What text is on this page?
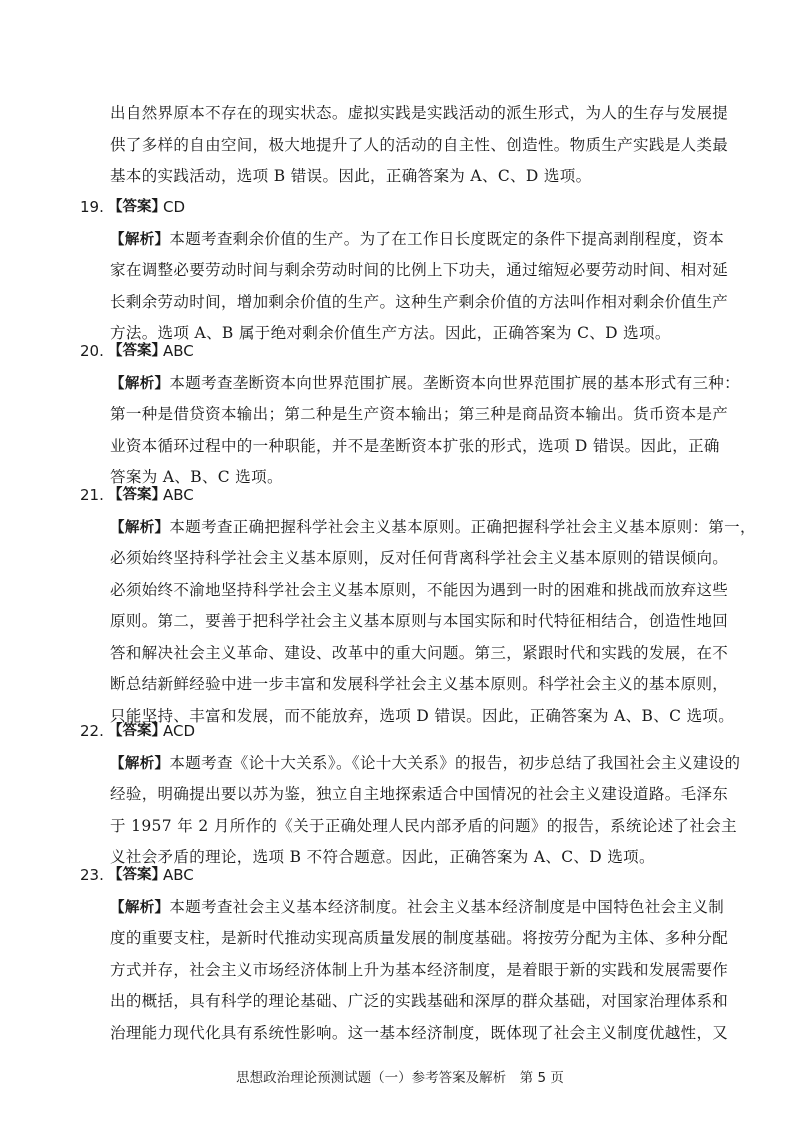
出自然界原本不存在的现实状态。虚拟实践是实践活动的派生形式，为人的生存与发展提
供了多样的自由空间，极大地提升了人的活动的自主性、创造性。物质生产实践是人类最
基本的实践活动，选项 B 错误。因此，正确答案为 A、C、D 选项。
19. 【答案】
CD
【解析】本题考查剩余价值的生产。为了在工作日长度既定的条件下提高剥削程度，资本
家在调整必要劳动时间与剩余劳动时间的比例上下功夫，通过缩短必要劳动时间、相对延
长剩余劳动时间，增加剩余价值的生产。这种生产剩余价值的方法叫作相对剩余价值生产
方法。选项 A、B 属于绝对剩余价值生产方法。因此，正确答案为 C、D 选项。
20. 【答案】
ABC
【解析】本题考查垄断资本向世界范围扩展。垄断资本向世界范围扩展的基本形式有三种：
第一种是借贷资本输出；第二种是生产资本输出；第三种是商品资本输出。货币资本是产
业资本循环过程中的一种职能，并不是垄断资本扩张的形式，选项 D 错误。因此，正确
答案为 A、B、C 选项。
21. 【答案】
ABC
【解析】本题考查正确把握科学社会主义基本原则。正确把握科学社会主义基本原则：第一，
必须始终坚持科学社会主义基本原则，反对任何背离科学社会主义基本原则的错误倾向。
必须始终不渝地坚持科学社会主义基本原则，不能因为遇到一时的困难和挑战而放弃这些
原则。第二，要善于把科学社会主义基本原则与本国实际和时代特征相结合，创造性地回
答和解决社会主义革命、建设、改革中的重大问题。第三，紧跟时代和实践的发展，在不
断总结新鲜经验中进一步丰富和发展科学社会主义基本原则。科学社会主义的基本原则，
只能坚持、丰富和发展，而不能放弃，选项 D 错误。因此，正确答案为 A、B、C 选项。
22. 【答案】
ACD
【解析】本题考查《论十大关系》。《论十大关系》的报告，初步总结了我国社会主义建设的
经验，明确提出要以苏为鉴，独立自主地探索适合中国情况的社会主义建设道路。毛泽东
于 1957 年 2 月所作的《关于正确处理人民内部矛盾的问题》的报告，系统论述了社会主
义社会矛盾的理论，选项 B 不符合题意。因此，正确答案为 A、C、D 选项。
23. 【答案】
ABC
【解析】本题考查社会主义基本经济制度。社会主义基本经济制度是中国特色社会主义制
度的重要支柱，是新时代推动实现高质量发展的制度基础。将按劳分配为主体、多种分配
方式并存，社会主义市场经济体制上升为基本经济制度，是着眼于新的实践和发展需要作
出的概括，具有科学的理论基础、广泛的实践基础和深厚的群众基础，对国家治理体系和
治理能力现代化具有系统性影响。这一基本经济制度，既体现了社会主义制度优越性，又
思想政治理论预测试题（一）参考答案及解析　第 5 页
